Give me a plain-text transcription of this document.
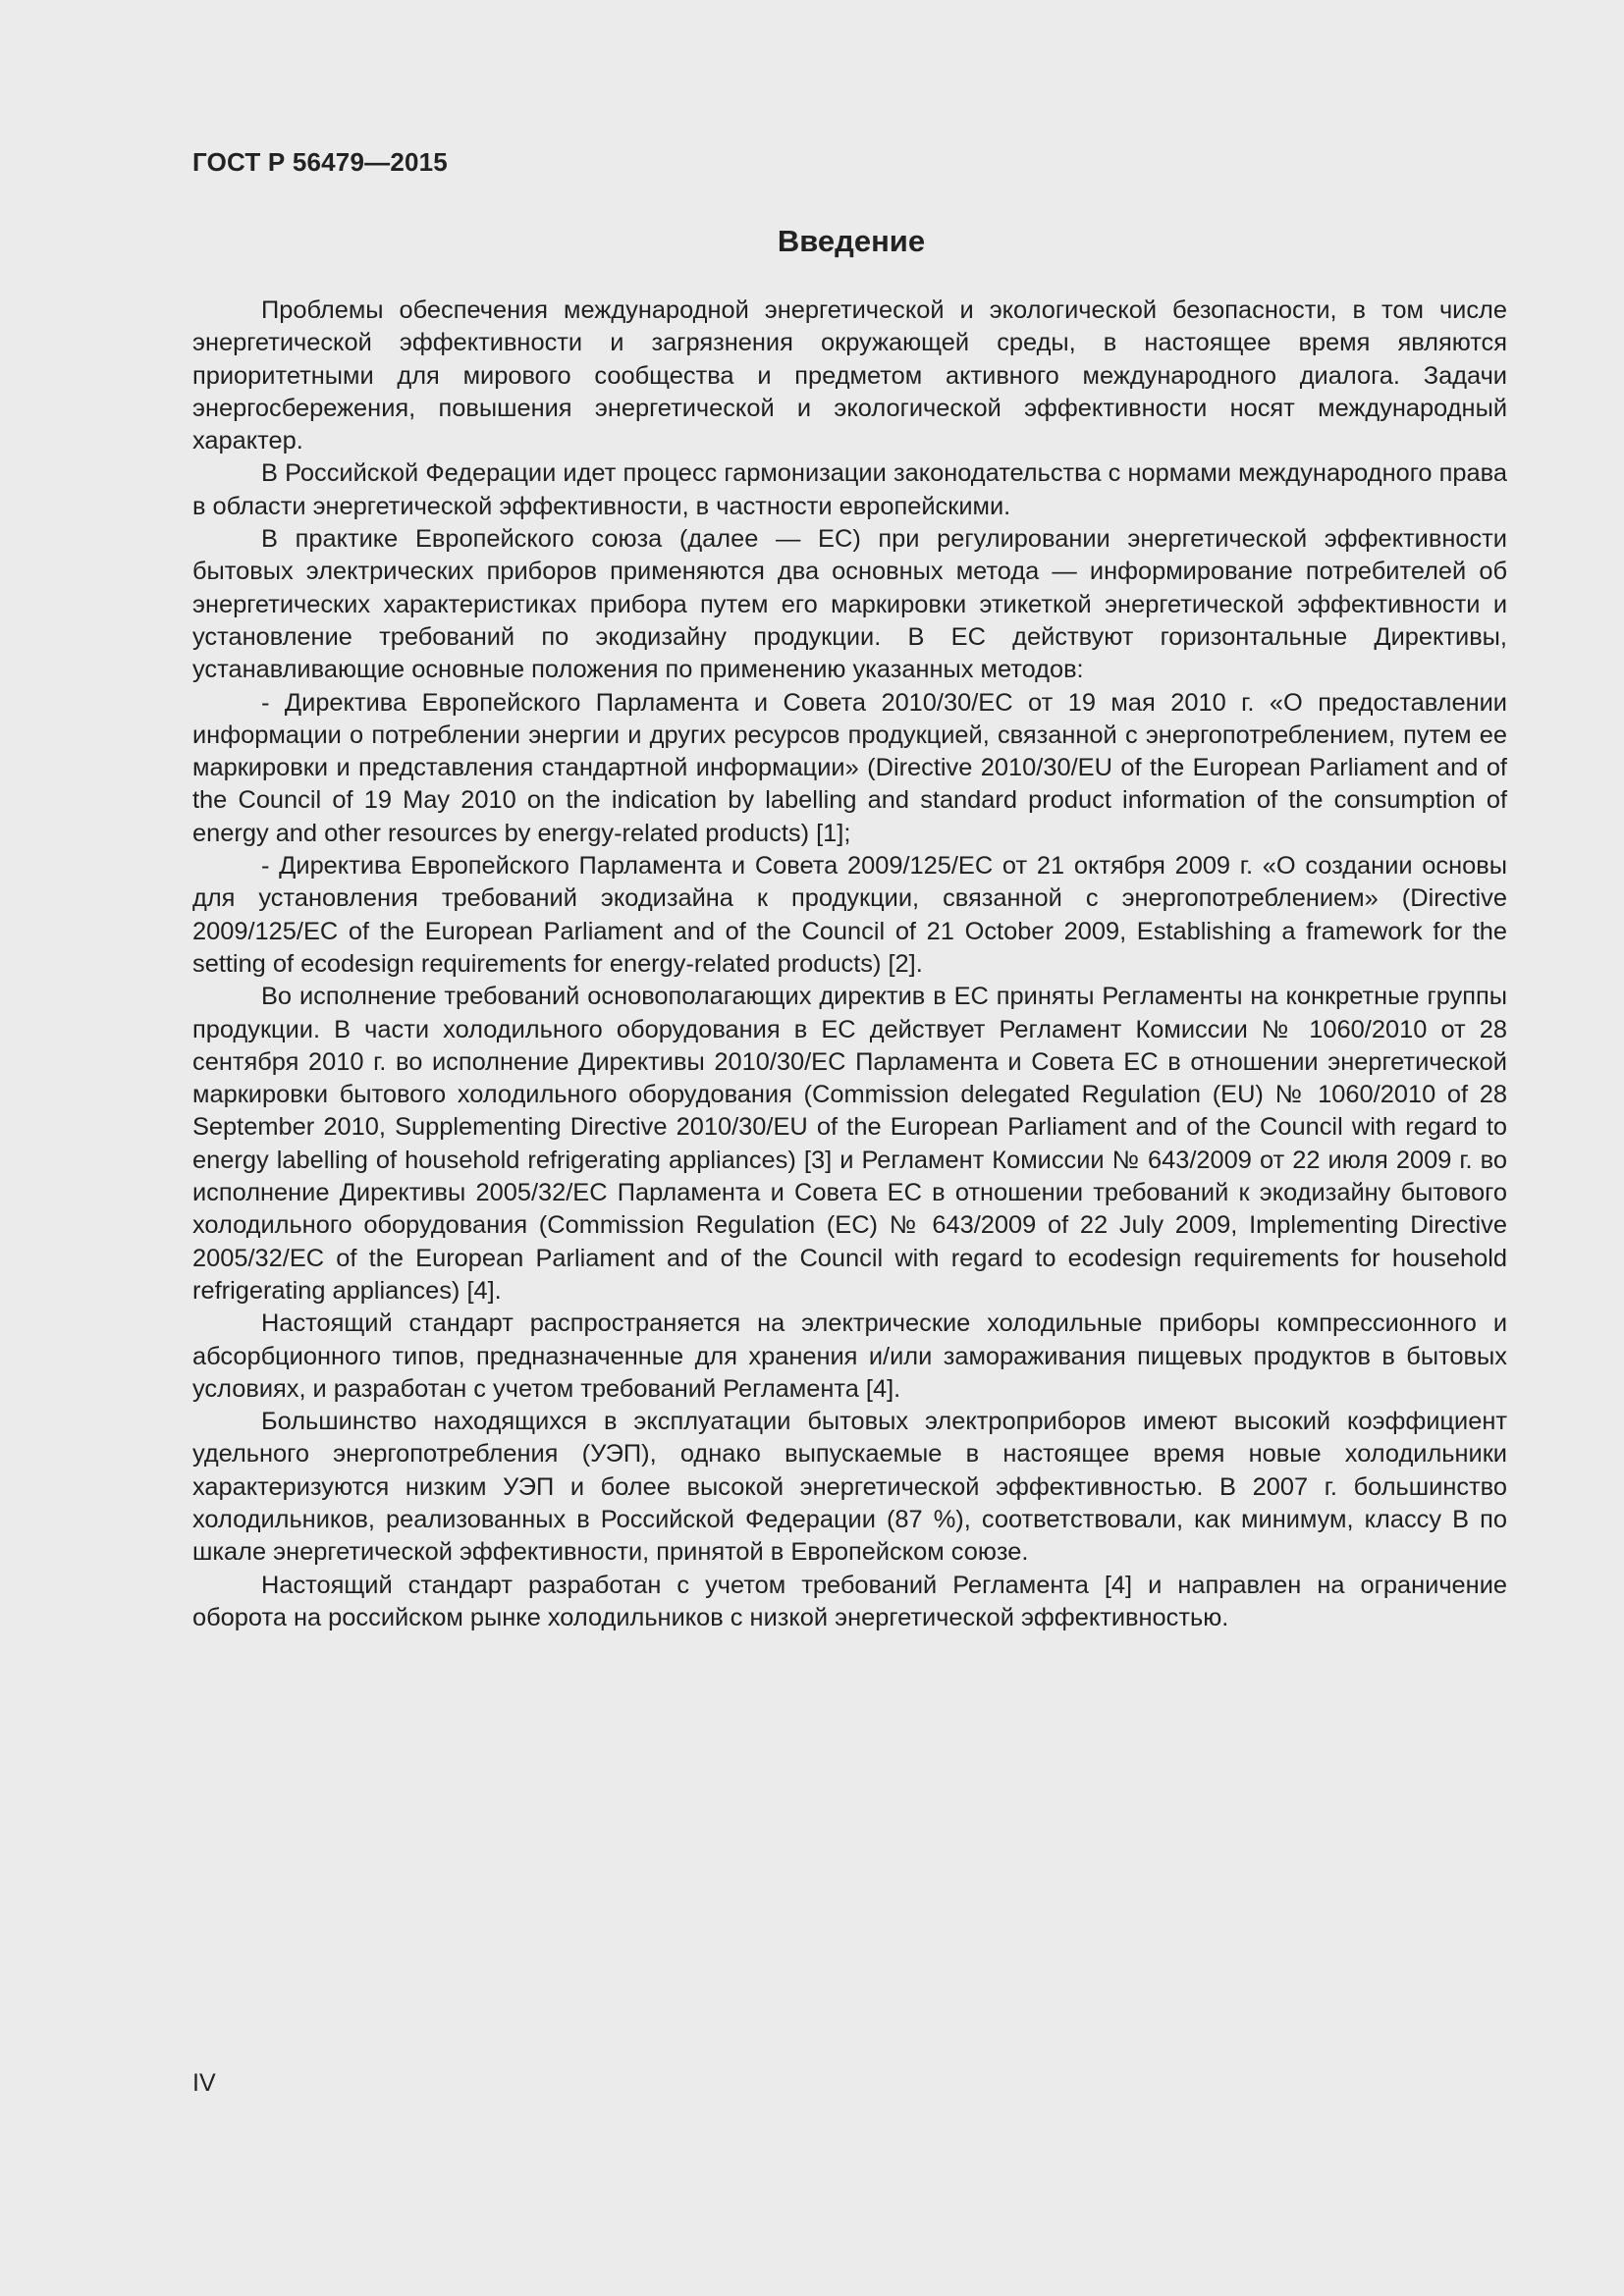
ГОСТ Р 56479—2015
Введение

Проблемы обеспечения международной энергетической и экологической безопасности, в том числе энергетической эффективности и загрязнения окружающей среды, в настоящее время являются приоритетными для мирового сообщества и предметом активного международного диалога. Задачи энергосбережения, повышения энергетической и экологической эффективности носят международный характер.

В Российской Федерации идет процесс гармонизации законодательства с нормами международного права в области энергетической эффективности, в частности европейскими.

В практике Европейского союза (далее — ЕС) при регулировании энергетической эффективности бытовых электрических приборов применяются два основных метода — информирование потребителей об энергетических характеристиках прибора путем его маркировки этикеткой энергетической эффективности и установление требований по экодизайну продукции. В ЕС действуют горизонтальные Директивы, устанавливающие основные положения по применению указанных методов:

- Директива Европейского Парламента и Совета 2010/30/ЕС от 19 мая 2010 г. «О предоставлении информации о потреблении энергии и других ресурсов продукцией, связанной с энергопотреблением, путем ее маркировки и представления стандартной информации» (Directive 2010/30/EU of the European Parliament and of the Council of 19 May 2010 on the indication by labelling and standard product information of the consumption of energy and other resources by energy-related products) [1];

- Директива Европейского Парламента и Совета 2009/125/ЕС от 21 октября 2009 г. «О создании основы для установления требований экодизайна к продукции, связанной с энергопотреблением» (Directive 2009/125/EC of the European Parliament and of the Council of 21 October 2009, Establishing a framework for the setting of ecodesign requirements for energy-related products) [2].

Во исполнение требований основополагающих директив в ЕС приняты Регламенты на конкретные группы продукции. В части холодильного оборудования в ЕС действует Регламент Комиссии № 1060/2010 от 28 сентября 2010 г. во исполнение Директивы 2010/30/ЕС Парламента и Совета ЕС в отношении энергетической маркировки бытового холодильного оборудования (Commission delegated Regulation (EU) № 1060/2010 of 28 September 2010, Supplementing Directive 2010/30/EU of the European Parliament and of the Council with regard to energy labelling of household refrigerating appliances) [3] и Регламент Комиссии № 643/2009 от 22 июля 2009 г. во исполнение Директивы 2005/32/ЕС Парламента и Совета ЕС в отношении требований к экодизайну бытового холодильного оборудования (Commission Regulation (EC) № 643/2009 of 22 July 2009, Implementing Directive 2005/32/EC of the European Parliament and of the Council with regard to ecodesign requirements for household refrigerating appliances) [4].

Настоящий стандарт распространяется на электрические холодильные приборы компрессионного и абсорбционного типов, предназначенные для хранения и/или замораживания пищевых продуктов в бытовых условиях, и разработан с учетом требований Регламента [4].

Большинство находящихся в эксплуатации бытовых электроприборов имеют высокий коэффициент удельного энергопотребления (УЭП), однако выпускаемые в настоящее время новые холодильники характеризуются низким УЭП и более высокой энергетической эффективностью. В 2007 г. большинство холодильников, реализованных в Российской Федерации (87 %), соответствовали, как минимум, классу В по шкале энергетической эффективности, принятой в Европейском союзе.

Настоящий стандарт разработан с учетом требований Регламента [4] и направлен на ограничение оборота на российском рынке холодильников с низкой энергетической эффективностью.

IV
